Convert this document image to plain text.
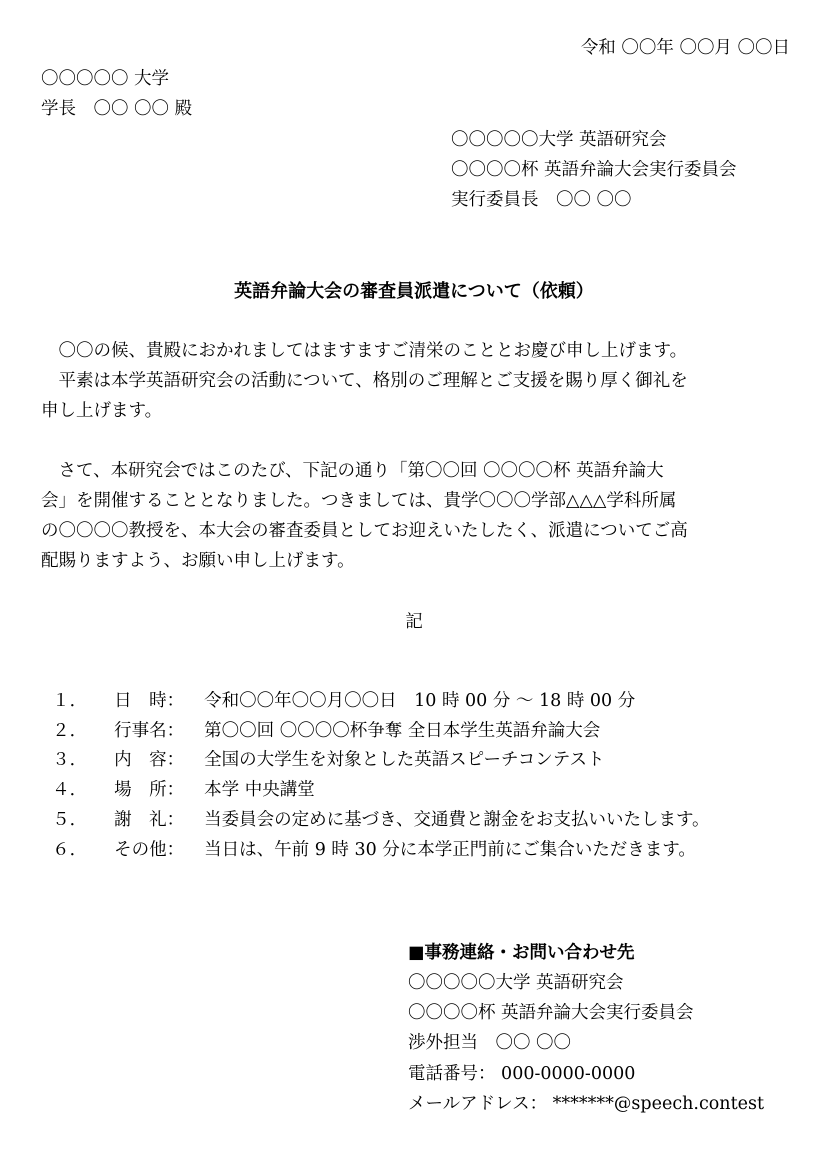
令和 〇〇年 〇〇月 〇〇日
〇〇〇〇〇 大学
学長　〇〇 〇〇 殿
〇〇〇〇〇大学 英語研究会
〇〇〇〇杯 英語弁論大会実行委員会
実行委員長　〇〇 〇〇
英語弁論大会の審査員派遣について（依頼）
　〇〇の候、貴殿におかれましてはますますご清栄のこととお慶び申し上げます。
　平素は本学英語研究会の活動について、格別のご理解とご支援を賜り厚く御礼を
申し上げます。
　さて、本研究会ではこのたび、下記の通り「第〇〇回 〇〇〇〇杯 英語弁論大
会」を開催することとなりました。つきましては、貴学〇〇〇学部△△△学科所属
の〇〇〇〇教授を、本大会の審査委員としてお迎えいたしたく、派遣についてご高
配賜りますよう、お願い申し上げます。
記

１． 日　時： 令和〇〇年〇〇月〇〇日　10 時 00 分 ～ 18 時 00 分

２． 行事名： 第〇〇回 〇〇〇〇杯争奪 全日本学生英語弁論大会

３． 内　容： 全国の大学生を対象とした英語スピーチコンテスト

４． 場　所： 本学 中央講堂

５． 謝　礼： 当委員会の定めに基づき、交通費と謝金をお支払いいたします。

６． その他： 当日は、午前 9 時 30 分に本学正門前にご集合いただきます。

■事務連絡・お問い合わせ先
〇〇〇〇〇大学 英語研究会
〇〇〇〇杯 英語弁論大会実行委員会
渉外担当　〇〇 〇〇
電話番号： 000-0000-0000
メールアドレス： *******@speech.contest
